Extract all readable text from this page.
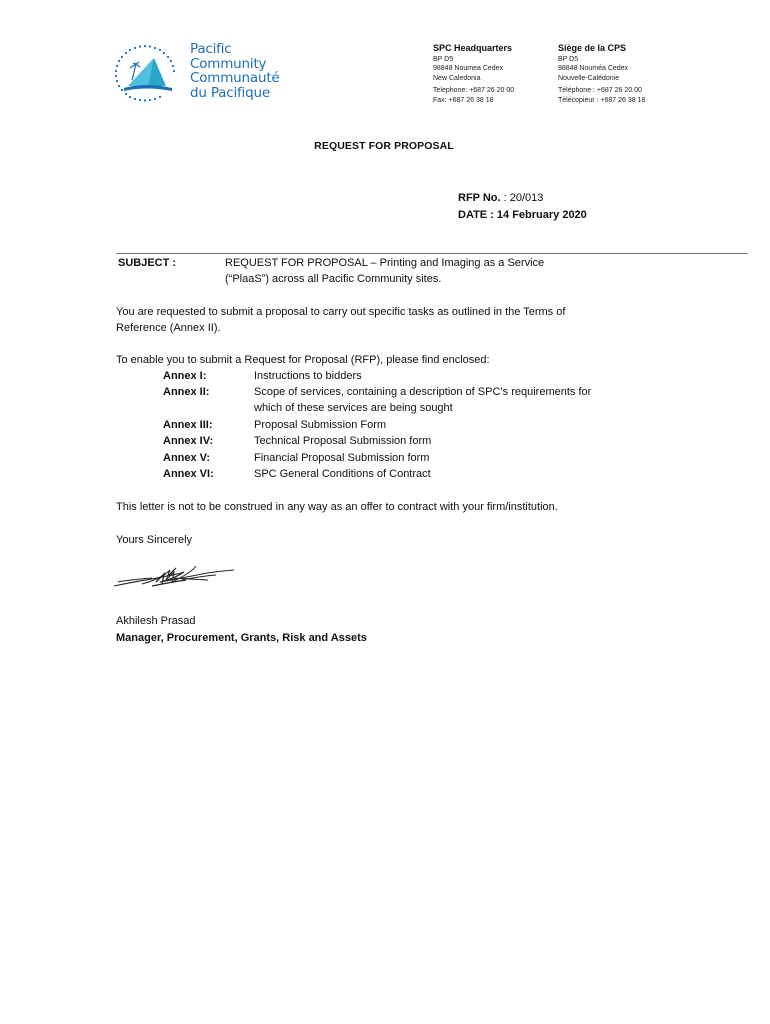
Pacific
Community
Communauté
du Pacifique
SPC Headquarters
BP D5
98848 Noumea Cedex
New Caledonia
Telephone: +687 26 20 00
Fax: +687 26 38 18
Siège de la CPS
BP D5
98848 Nouméa Cedex
Nouvelle-Calédonie
Téléphone : +687 26 20 00
Télécopieur : +687 26 38 18
REQUEST FOR PROPOSAL
RFP No. : 20/013
DATE : 14 February 2020
SUBJECT :	REQUEST FOR PROPOSAL – Printing and Imaging as a Service
(“PlaaS”) across all Pacific Community sites.
You are requested to submit a proposal to carry out specific tasks as outlined in the Terms of
Reference (Annex II).
To enable you to submit a Request for Proposal (RFP), please find enclosed:
Annex I:	Instructions to bidders
Annex II:	Scope of services, containing a description of SPC’s requirements for
which of these services are being sought
Annex III:	Proposal Submission Form
Annex IV:	Technical Proposal Submission form
Annex V:	Financial Proposal Submission form
Annex VI:	SPC General Conditions of Contract
This letter is not to be construed in any way as an offer to contract with your firm/institution.
Yours Sincerely
Akhilesh Prasad
Manager, Procurement, Grants, Risk and Assets
